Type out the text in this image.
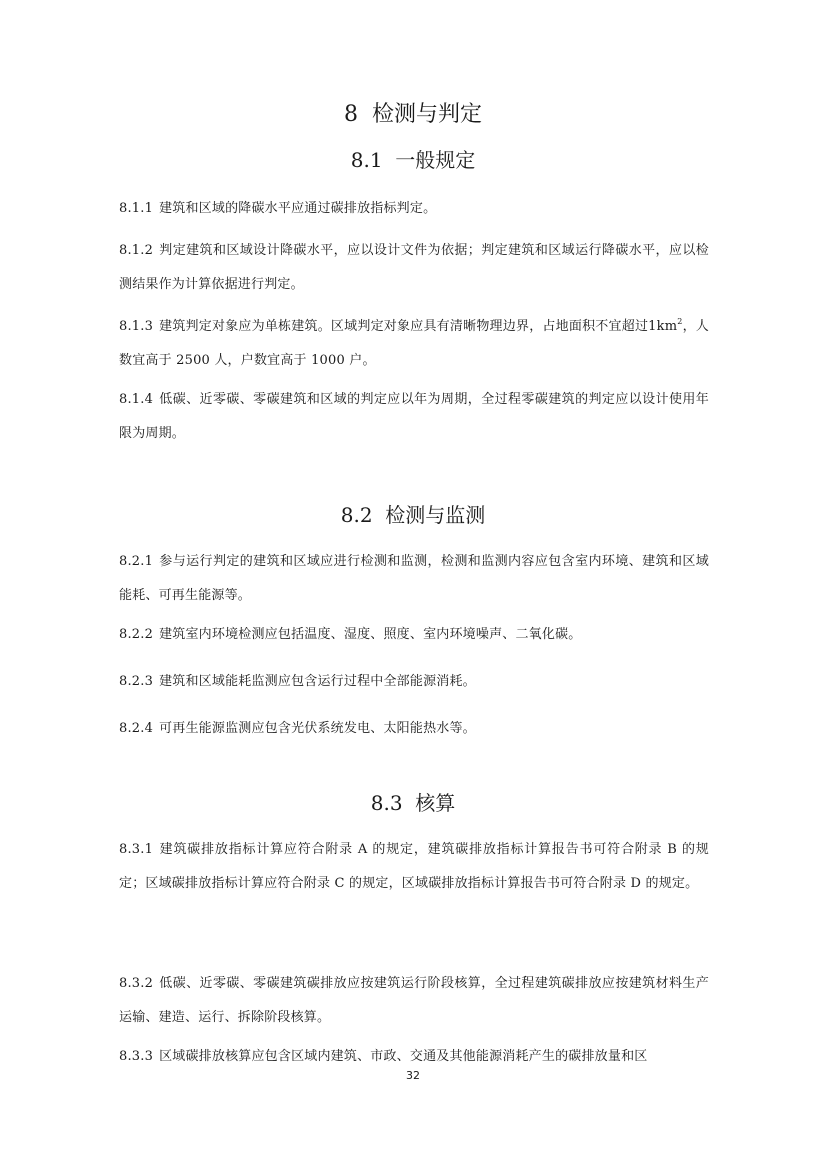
8  检测与判定
8.1  一般规定
8.1.1 建筑和区域的降碳水平应通过碳排放指标判定。
8.1.2 判定建筑和区域设计降碳水平，应以设计文件为依据；判定建筑和区域运行降碳水平，应以检测结果作为计算依据进行判定。
8.1.3 建筑判定对象应为单栋建筑。区域判定对象应具有清晰物理边界，占地面积不宜超过$1km^2$，人数宜高于 2500 人，户数宜高于 1000 户。
8.1.4 低碳、近零碳、零碳建筑和区域的判定应以年为周期，全过程零碳建筑的判定应以设计使用年限为周期。
8.2  检测与监测
8.2.1 参与运行判定的建筑和区域应进行检测和监测，检测和监测内容应包含室内环境、建筑和区域能耗、可再生能源等。
8.2.2 建筑室内环境检测应包括温度、湿度、照度、室内环境噪声、二氧化碳。
8.2.3 建筑和区域能耗监测应包含运行过程中全部能源消耗。
8.2.4 可再生能源监测应包含光伏系统发电、太阳能热水等。
8.3  核算
8.3.1 建筑碳排放指标计算应符合附录 A 的规定，建筑碳排放指标计算报告书可符合附录 B 的规定；区域碳排放指标计算应符合附录 C 的规定，区域碳排放指标计算报告书可符合附录 D 的规定。
8.3.2 低碳、近零碳、零碳建筑碳排放应按建筑运行阶段核算，全过程建筑碳排放应按建筑材料生产运输、建造、运行、拆除阶段核算。
8.3.3 区域碳排放核算应包含区域内建筑、市政、交通及其他能源消耗产生的碳排放量和区
32
